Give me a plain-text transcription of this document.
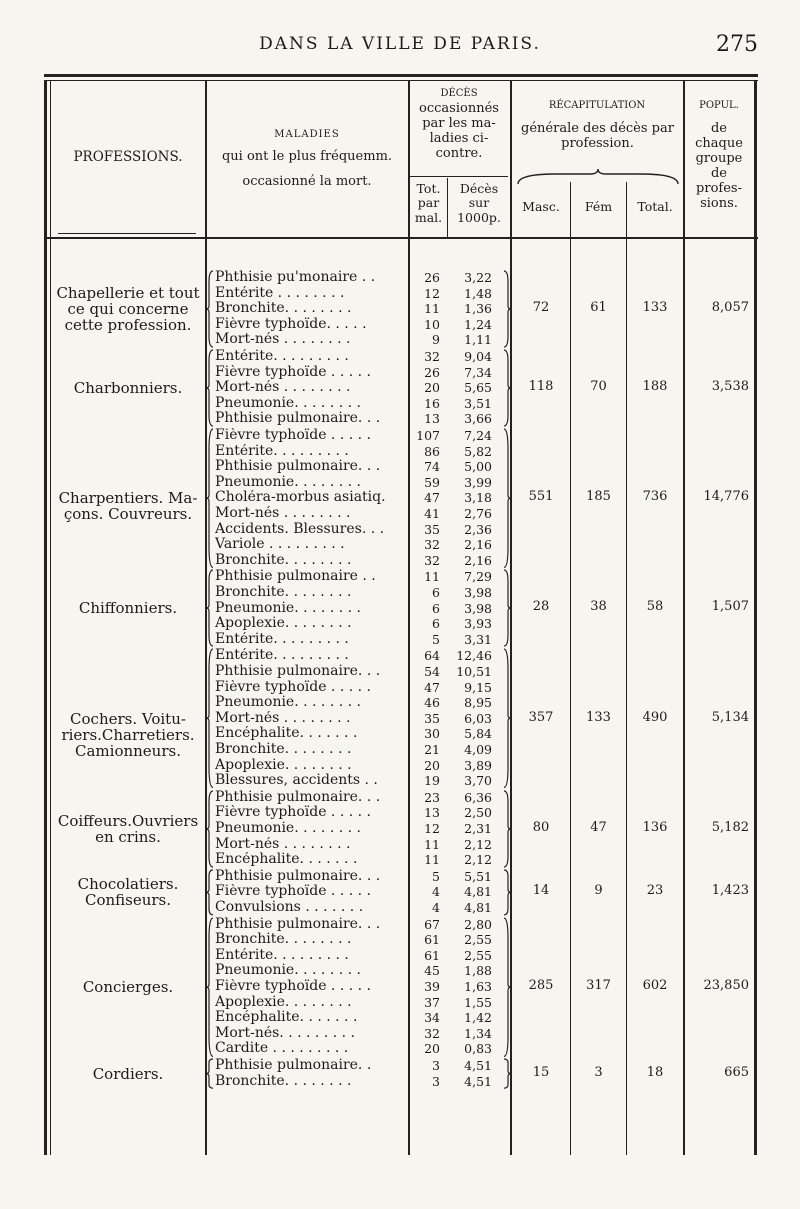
DANS LA VILLE DE PARIS.	275
PROFESSIONS.
MALADIES
qui ont le plus fréquemm.
occasionné la mort.
DÉCÈS
occasionnés par les ma-ladies ci-contre.
Tot. par mal.
Décès sur 1000p.
RÉCAPITULATION
générale des décès par profession.
Masc.	Fém	Total.
POPUL.
de chaque groupe de profes-sions.
Chapellerie et tout
ce qui concerne
cette profession.
Phthisie pu'monaire . .	26	3,22
Entérite . . . . . . . .	12	1,48
Bronchite. . . . . . . .	11	1,36
Fièvre typhoïde. . . . .	10	1,24
Mort-nés . . . . . . . .	9	1,11
72	61	133	8,057
Charbonniers.
Entérite. . . . . . . . .	32	9,04
Fièvre typhoïde . . . . .	26	7,34
Mort-nés . . . . . . . .	20	5,65
Pneumonie. . . . . . . .	16	3,51
Phthisie pulmonaire. . .	13	3,66
118	70	188	3,538
Charpentiers. Ma-çons. Couvreurs.
Fièvre typhoïde . . . . .	107	7,24
Entérite. . . . . . . . .	86	5,82
Phthisie pulmonaire. . .	74	5,00
Pneumonie. . . . . . . .	59	3,99
Choléra-morbus asiatiq.	47	3,18
Mort-nés . . . . . . . .	41	2,76
Accidents. Blessures. . .	35	2,36
Variole . . . . . . . . .	32	2,16
Bronchite. . . . . . . .	32	2,16
551	185	736	14,776
Chiffonniers.
Phthisie pulmonaire . .	11	7,29
Bronchite. . . . . . . .	6	3,98
Pneumonie. . . . . . . .	6	3,98
Apoplexie. . . . . . . .	6	3,93
Entérite. . . . . . . . .	5	3,31
28	38	58	1,507
Cochers. Voitu-riers.Charretiers. Camionneurs.
Entérite. . . . . . . . .	64	12,46
Phthisie pulmonaire. . .	54	10,51
Fièvre typhoïde . . . . .	47	9,15
Pneumonie. . . . . . . .	46	8,95
Mort-nés . . . . . . . .	35	6,03
Encéphalite. . . . . . .	30	5,84
Bronchite. . . . . . . .	21	4,09
Apoplexie. . . . . . . .	20	3,89
Blessures, accidents . .	19	3,70
357	133	490	5,134
Coiffeurs.Ouvriers
en crins.
Phthisie pulmonaire. . .	23	6,36
Fièvre typhoïde . . . . .	13	2,50
Pneumonie. . . . . . . .	12	2,31
Mort-nés . . . . . . . .	11	2,12
Encéphalite. . . . . . .	11	2,12
80	47	136	5,182
Chocolatiers.
Confiseurs.
Phthisie pulmonaire. . .	5	5,51
Fièvre typhoïde . . . . .	4	4,81
Convulsions . . . . . . .	4	4,81
14	9	23	1,423
Concierges.
Phthisie pulmonaire. . .	67	2,80
Bronchite. . . . . . . .	61	2,55
Entérite. . . . . . . . .	61	2,55
Pneumonie. . . . . . . .	45	1,88
Fièvre typhoïde . . . . .	39	1,63
Apoplexie. . . . . . . .	37	1,55
Encéphalite. . . . . . .	34	1,42
Mort-nés. . . . . . . . .	32	1,34
Cardite . . . . . . . . .	20	0,83
285	317	602	23,850
Cordiers.	Phthisie pulmonaire. .	3	4,51
Bronchite. . . . . . . .	3	4,51
15	3	18	665
